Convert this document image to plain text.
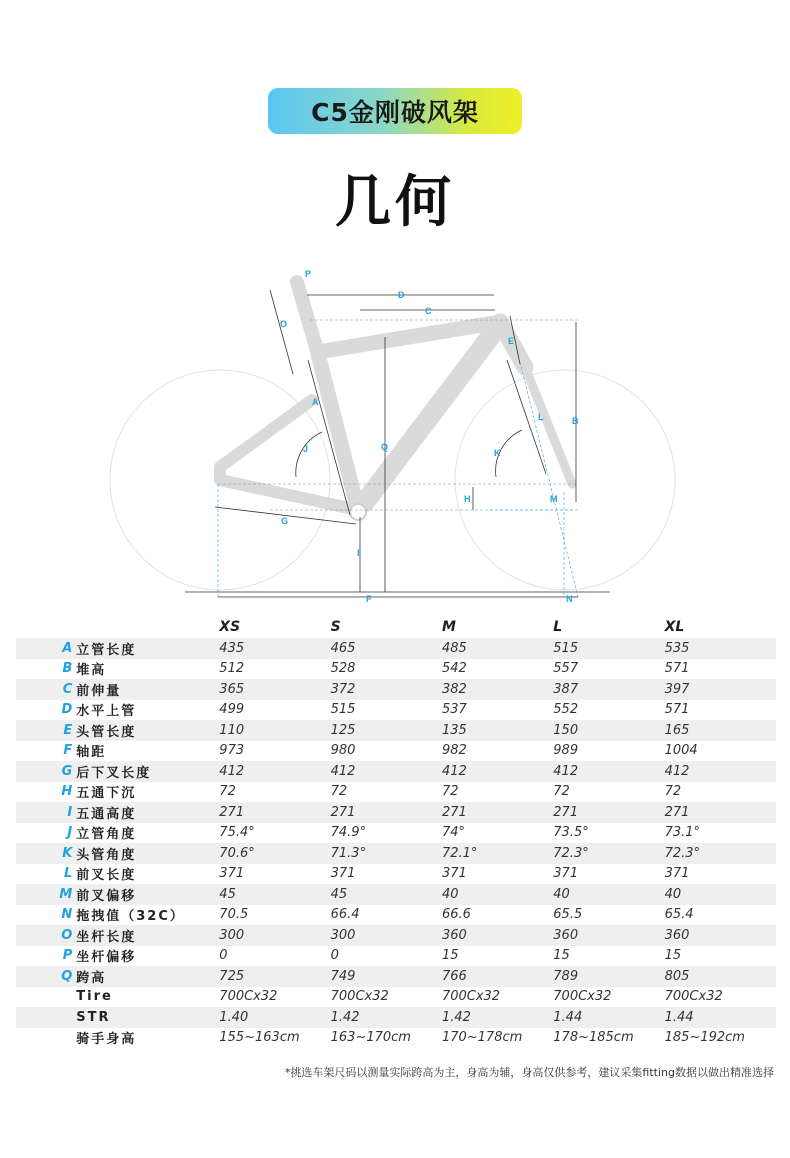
C5金刚破风架
几何
P
D
C
O
E
A
B
L
Q
J	K
H	M
G
I
F	N
		XS	S	M	L	XL
A	立管长度	435	465	485	515	535
B	堆高	512	528	542	557	571
C	前伸量	365	372	382	387	397
D	水平上管	499	515	537	552	571
E	头管长度	110	125	135	150	165
F	轴距	973	980	982	989	1004
G	后下叉长度	412	412	412	412	412
H	五通下沉	72	72	72	72	72
I	五通高度	271	271	271	271	271
J	立管角度	75.4°	74.9°	74°	73.5°	73.1°
K	头管角度	70.6°	71.3°	72.1°	72.3°	72.3°
L	前叉长度	371	371	371	371	371
M	前叉偏移	45	45	40	40	40
N	拖拽值（32C）	70.5	66.4	66.6	65.5	65.4
O	坐杆长度	300	300	360	360	360
P	坐杆偏移	0	0	15	15	15
Q	跨高	725	749	766	789	805
	Tire	700Cx32	700Cx32	700Cx32	700Cx32	700Cx32
	STR	1.40	1.42	1.42	1.44	1.44
	骑手身高	155~163cm	163~170cm	170~178cm	178~185cm	185~192cm
*挑选车架尺码以测量实际跨高为主，身高为辅，身高仅供参考，建议采集fitting数据以做出精准选择
